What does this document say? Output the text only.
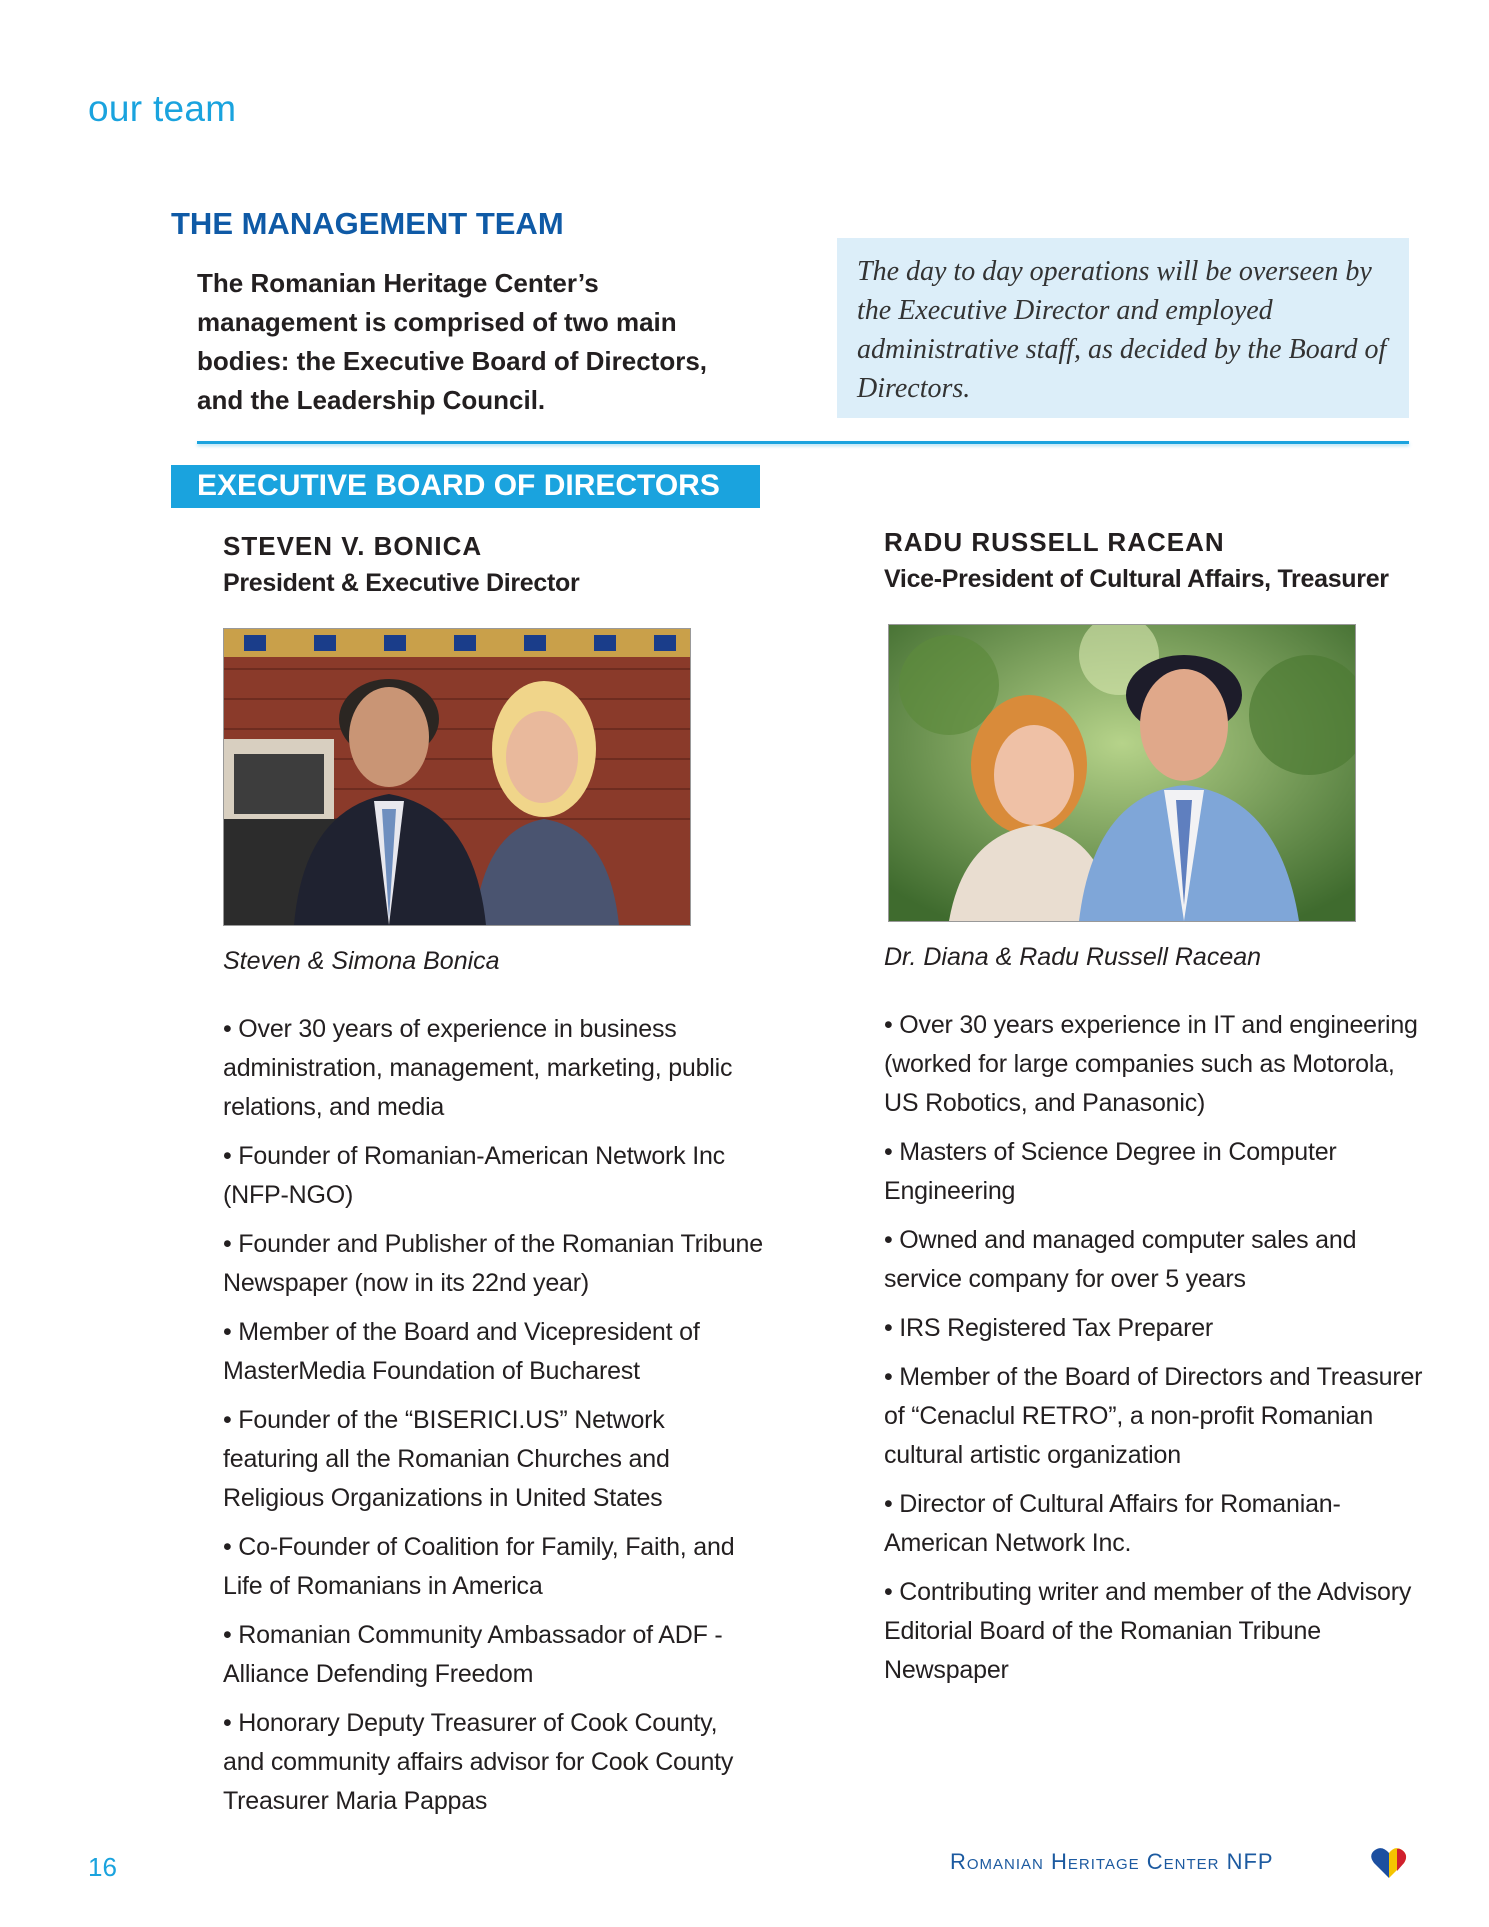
our team
THE MANAGEMENT TEAM
The Romanian Heritage Center’s management is comprised of two main bodies: the Executive Board of Directors, and the Leadership Council.
The day to day operations will be overseen by the Executive Director and employed administrative staff, as decided by the Board of Directors.
EXECUTIVE BOARD OF DIRECTORS

STEVEN V. BONICA

President & Executive Director

Steven & Simona Bonica

• Over 30 years of experience in business administration, management, marketing, public relations, and media
• Founder of Romanian-American Network Inc (NFP-NGO)
• Founder and Publisher of the Romanian Tribune Newspaper (now in its 22nd year)
• Member of the Board and Vicepresident of MasterMedia Foundation of Bucharest
• Founder of the “BISERICI.US” Network featuring all the Romanian Churches and Religious Organizations in United States
• Co-Founder of Coalition for Family, Faith, and Life of Romanians in America
• Romanian Community Ambassador of ADF - Alliance Defending Freedom
• Honorary Deputy Treasurer of Cook County, and community affairs advisor for Cook County Treasurer Maria Pappas

RADU RUSSELL RACEAN

Vice-President of Cultural Affairs, Treasurer

Dr. Diana & Radu Russell Racean

• Over 30 years experience in IT and engineering (worked for large companies such as Motorola, US Robotics, and Panasonic)
• Masters of Science Degree in Computer Engineering
• Owned and managed computer sales and service company for over 5 years
• IRS Registered Tax Preparer
• Member of the Board of Directors and Treasurer of “Cenaclul RETRO”, a non-profit Romanian cultural artistic organization
• Director of Cultural Affairs for Romanian-American Network Inc.
• Contributing writer and member of the Advisory Editorial Board of the Romanian Tribune Newspaper
16	Romanian Heritage Center NFP
